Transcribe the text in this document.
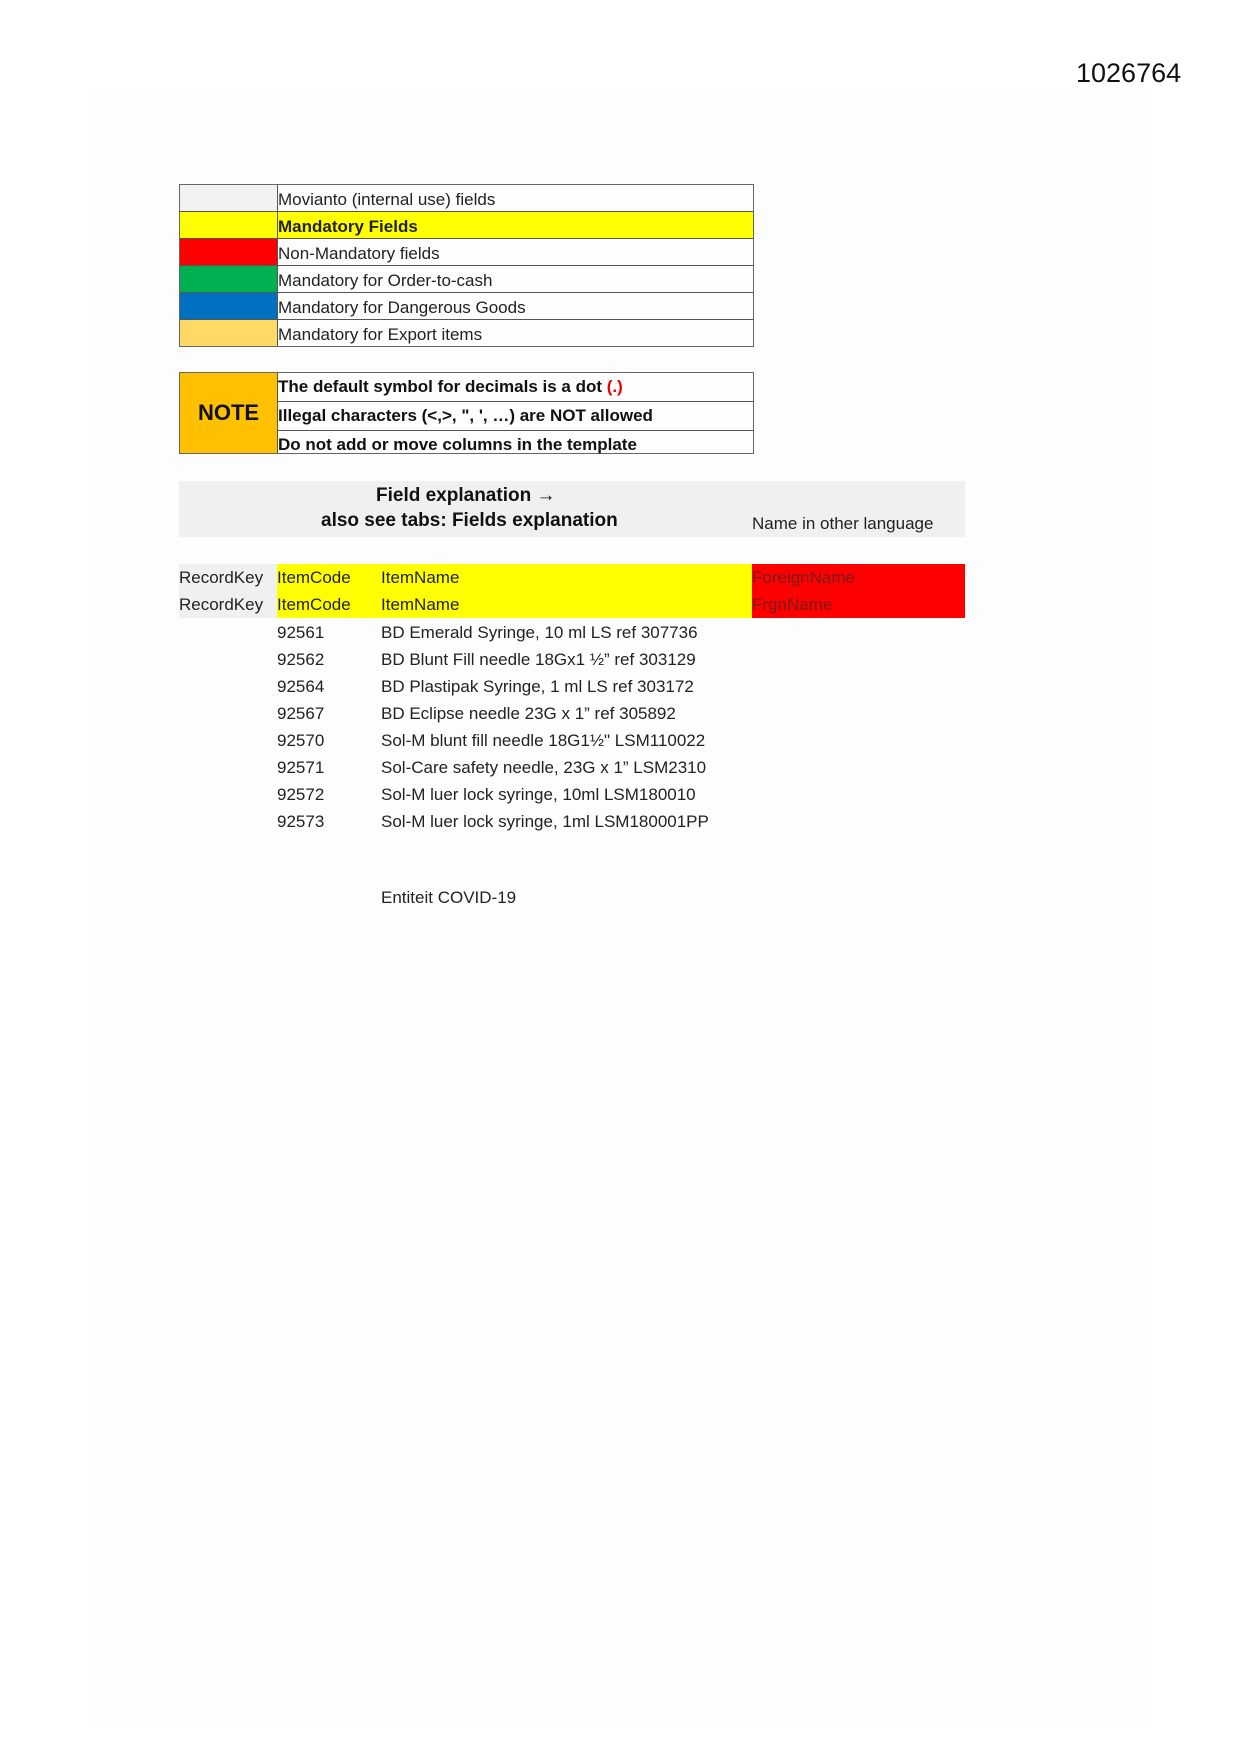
1026764
Movianto (internal use) fields
Mandatory Fields
Non-Mandatory fields
Mandatory for Order-to-cash
Mandatory for Dangerous Goods
Mandatory for Export items
NOTE
The default symbol for decimals is a dot (.)
Illegal characters (<,>, ", ', …) are NOT allowed
Do not add or move columns in the template
Field explanation →
also see tabs: Fields explanation	Name in other language
RecordKey ItemCode	ItemName	ForeignName
RecordKey ItemCode	ItemName	FrgnName
92561	BD Emerald Syringe, 10 ml LS ref 307736
92562	BD Blunt Fill needle 18Gx1 ½” ref 303129
92564	BD Plastipak Syringe, 1 ml LS ref 303172
92567	BD Eclipse needle 23G x 1” ref 305892
92570	Sol-M blunt fill needle 18G1½" LSM110022
92571	Sol-Care safety needle, 23G x 1” LSM2310
92572	Sol-M luer lock syringe, 10ml LSM180010
92573	Sol-M luer lock syringe, 1ml LSM180001PP
Entiteit COVID-19
